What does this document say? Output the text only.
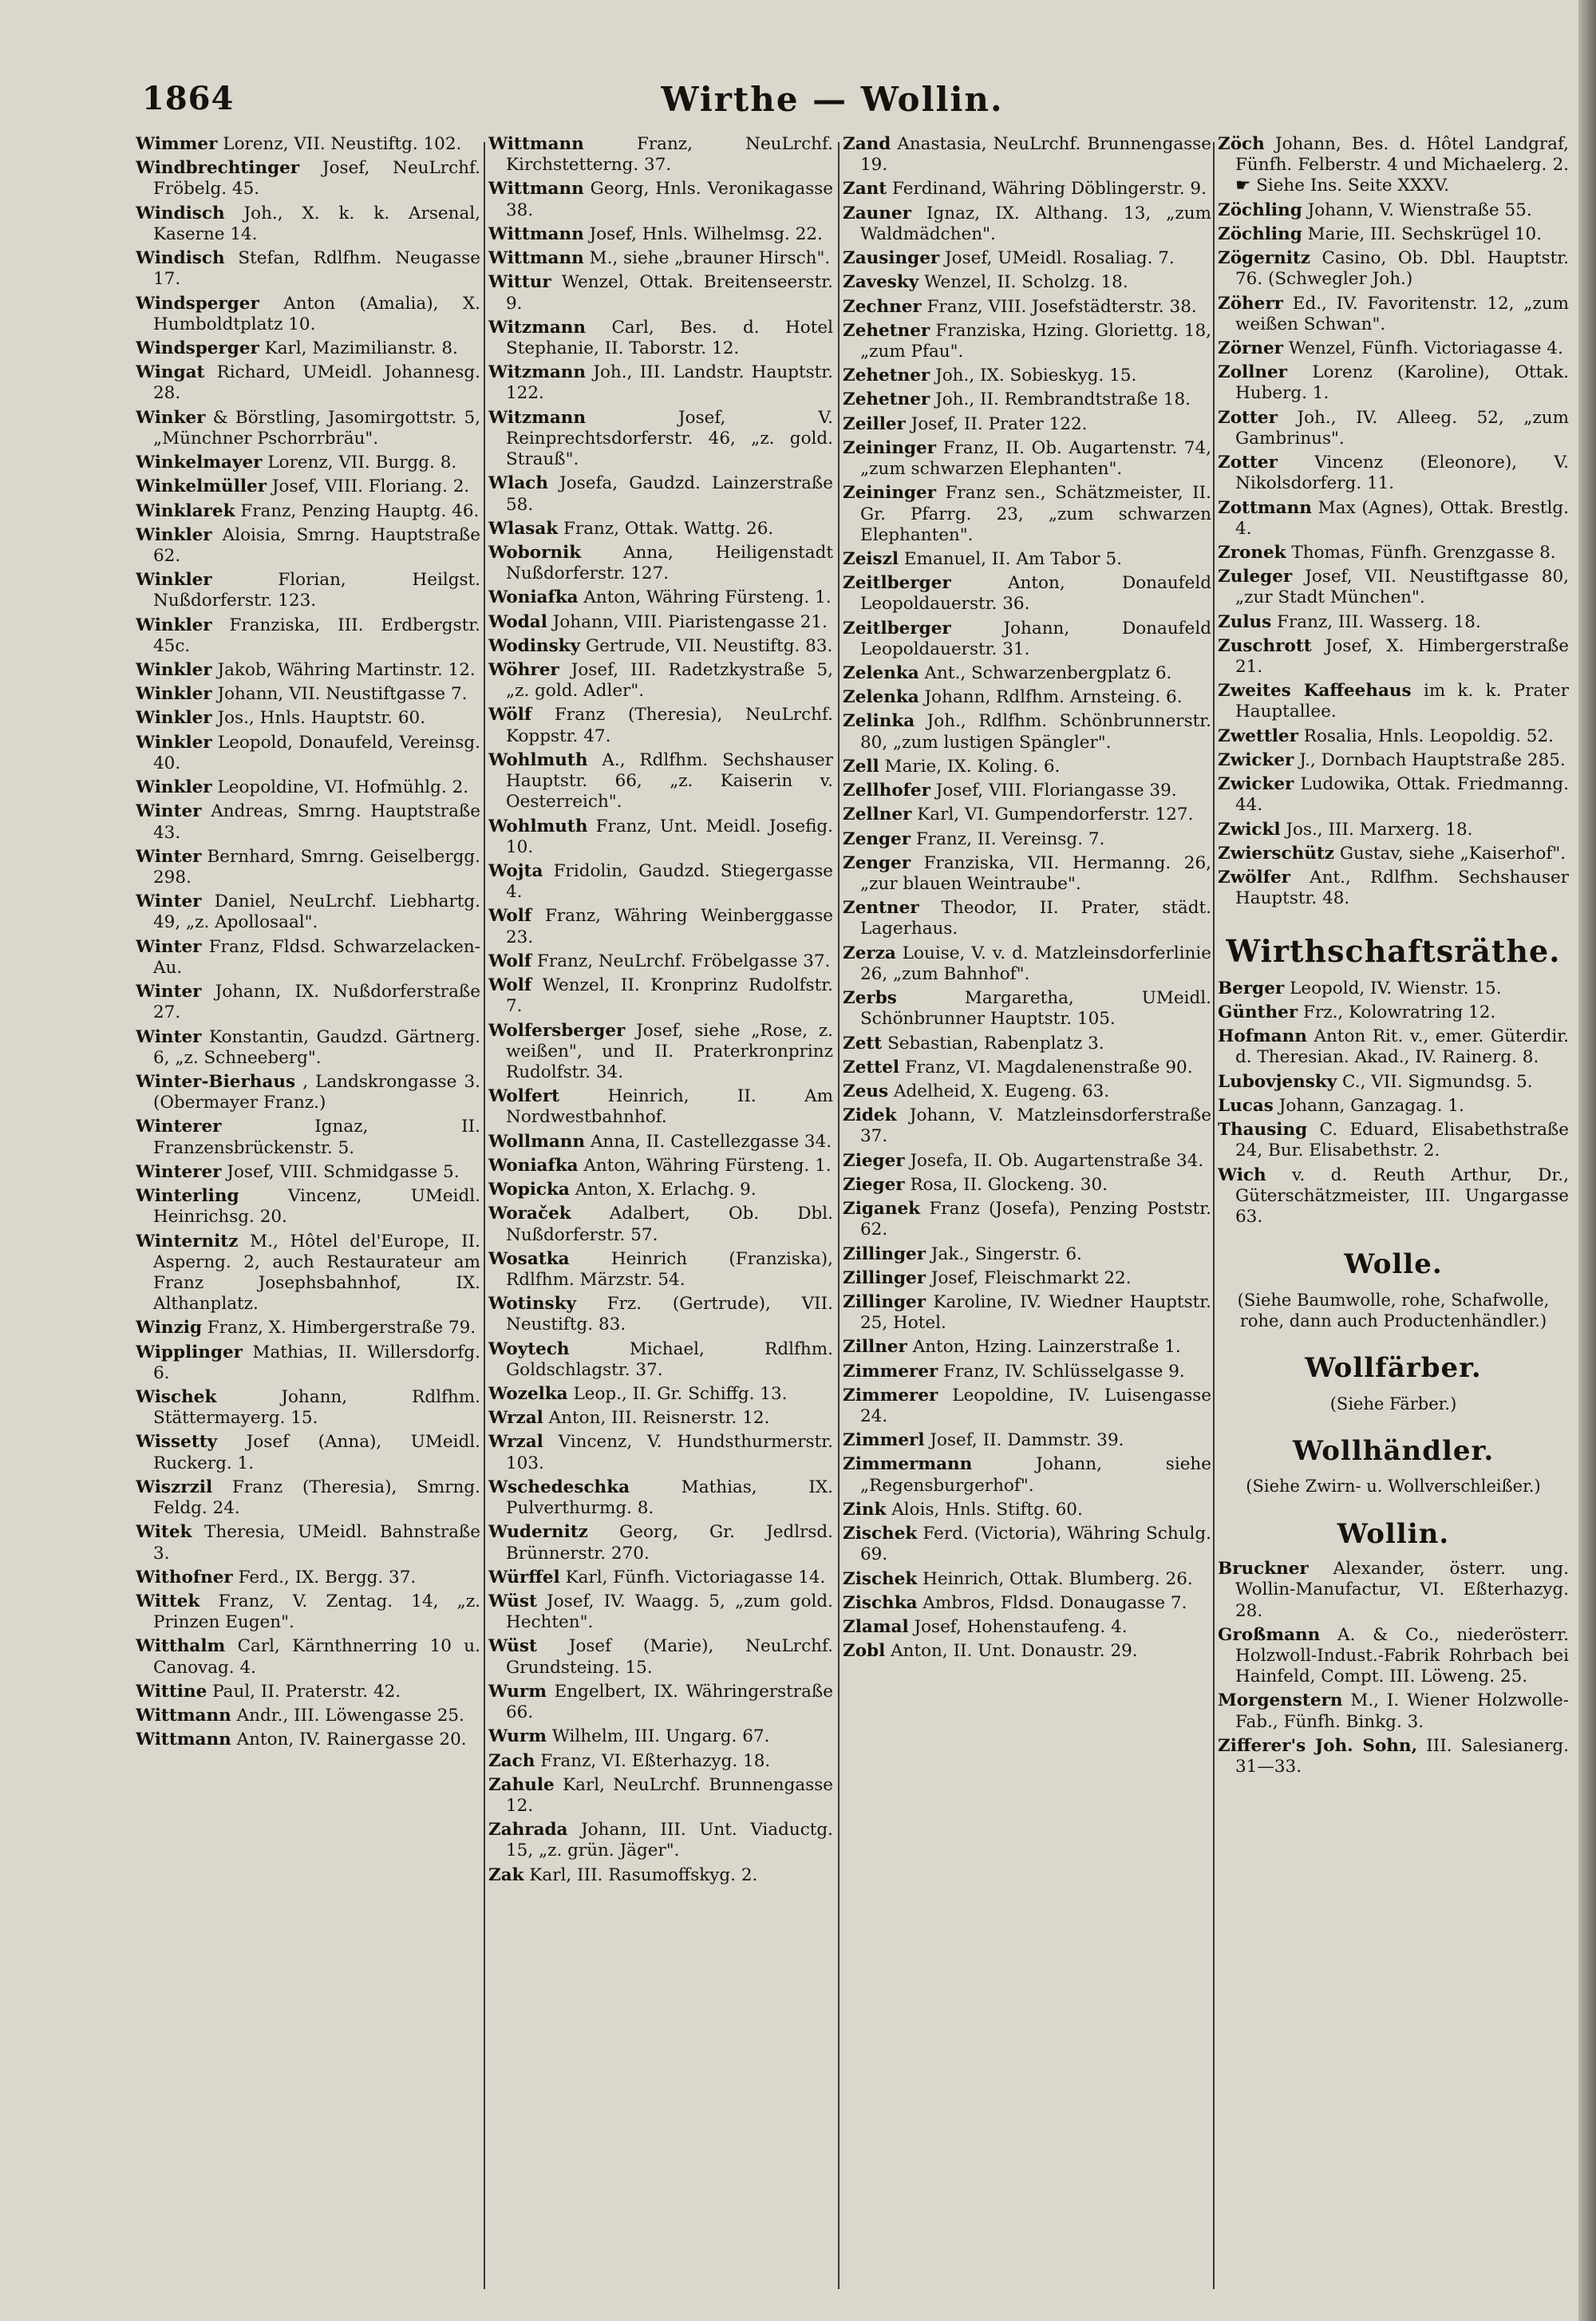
1864	Wirthe — Wollin.

Wimmer Lorenz, VII. Neustiftg. 102.

Windbrechtinger Josef, NeuLrchf. Fröbelg. 45.

Windisch Joh., X. k. k. Arsenal, Kaserne 14.

Windisch Stefan, Rdlfhm. Neugasse 17.

Windsperger Anton (Amalia), X. Humboldtplatz 10.

Windsperger Karl, Mazimilianstr. 8.

Wingat Richard, UMeidl. Johannesg. 28.

Winker & Börstling, Jasomirgottstr. 5, „Münchner Pschorrbräu".

Winkelmayer Lorenz, VII. Burgg. 8.

Winkelmüller Josef, VIII. Floriang. 2.

Winklarek Franz, Penzing Hauptg. 46.

Winkler Aloisia, Smrng. Hauptstraße 62.

Winkler	Florian, Heilgst. Nußdorferstr. 123.

Winkler Franziska, III. Erdbergstr. 45c.

Winkler Jakob, Währing Martinstr. 12.

Winkler Johann, VII. Neustiftgasse 7.

Winkler Jos., Hnls. Hauptstr. 60.

Winkler Leopold, Donaufeld, Vereinsg. 40.

Winkler Leopoldine, VI. Hofmühlg. 2.

Winter Andreas, Smrng. Hauptstraße 43.

Winter Bernhard, Smrng. Geiselbergg. 298.

Winter Daniel, NeuLrchf. Liebhartg. 49, „z. Apollosaal".

Winter Franz, Fldsd. Schwarzelacken-Au.

Winter Johann, IX. Nußdorferstraße 27.

Winter Konstantin, Gaudzd. Gärtnerg. 6, „z. Schneeberg".

Winter-Bierhaus , Landskrongasse 3. (Obermayer Franz.)

Winterer	Ignaz, II. Franzensbrückenstr. 5.

Winterer Josef, VIII. Schmidgasse 5.

Winterling	Vincenz, UMeidl. Heinrichsg. 20.

Winternitz M., Hôtel del'Europe, II. Asperng. 2, auch Restaurateur am Franz Josephsbahnhof, IX. Althanplatz.

Winzig Franz, X. Himbergerstraße 79.

Wipplinger Mathias, II. Willersdorfg. 6.

Wischek	Johann, Rdlfhm. Stättermayerg. 15.

Wissetty Josef (Anna), UMeidl. Ruckerg. 1.

Wiszrzil Franz (Theresia), Smrng. Feldg. 24.

Witek Theresia, UMeidl. Bahnstraße 3.

Withofner Ferd., IX. Bergg. 37.

Wittek Franz, V. Zentag. 14, „z. Prinzen Eugen".

Witthalm Carl, Kärnthnerring 10 u. Canovag. 4.

Wittine Paul, II. Praterstr. 42.

Wittmann Andr., III. Löwengasse 25.

Wittmann Anton, IV. Rainergasse 20.

Wittmann	Franz, NeuLrchf. Kirchstetterng. 37.

Wittmann Georg, Hnls. Veronikagasse 38.

Wittmann Josef, Hnls. Wilhelmsg. 22.

Wittmann M., siehe „brauner Hirsch".

Wittur Wenzel, Ottak. Breitenseerstr. 9.

Witzmann Carl, Bes. d. Hotel Stephanie, II. Taborstr. 12.

Witzmann Joh., III. Landstr. Hauptstr. 122.

Witzmann	Josef, V. Reinprechtsdorferstr. 46, „z. gold. Strauß".

Wlach Josefa, Gaudzd. Lainzerstraße 58.

Wlasak Franz, Ottak. Wattg. 26.

Wobornik Anna, Heiligenstadt Nußdorferstr. 127.

Woniafka Anton, Währing Fürsteng. 1.

Wodal Johann, VIII. Piaristengasse 21.

Wodinsky Gertrude, VII. Neustiftg. 83.

Wöhrer Josef, III. Radetzkystraße 5, „z. gold. Adler".

Wölf Franz (Theresia), NeuLrchf. Koppstr. 47.

Wohlmuth A., Rdlfhm. Sechshauser Hauptstr. 66, „z. Kaiserin v. Oesterreich".

Wohlmuth Franz, Unt. Meidl. Josefig. 10.

Wojta Fridolin, Gaudzd. Stiegergasse 4.

Wolf Franz, Währing Weinberggasse 23.

Wolf Franz, NeuLrchf. Fröbelgasse 37.

Wolf Wenzel, II. Kronprinz Rudolfstr. 7.

Wolfersberger Josef, siehe „Rose, z. weißen", und II. Praterkronprinz Rudolfstr. 34.

Wolfert	Heinrich, II. Am Nordwestbahnhof.

Wollmann Anna, II. Castellezgasse 34.

Woniafka Anton, Währing Fürsteng. 1.

Wopicka Anton, X. Erlachg. 9.

Woraček Adalbert, Ob. Dbl. Nußdorferstr. 57.

Wosatka Heinrich (Franziska), Rdlfhm. Märzstr. 54.

Wotinsky Frz. (Gertrude), VII. Neustiftg. 83.

Woytech	Michael, Rdlfhm. Goldschlagstr. 37.

Wozelka Leop., II. Gr. Schiffg. 13.

Wrzal Anton, III. Reisnerstr. 12.

Wrzal Vincenz, V. Hundsthurmerstr. 103.

Wschedeschka	Mathias, IX. Pulverthurmg. 8.

Wudernitz Georg, Gr. Jedlrsd. Brünnerstr. 270.

Würffel Karl, Fünfh. Victoriagasse 14.

Wüst Josef, IV. Waagg. 5, „zum gold. Hechten".

Wüst Josef (Marie), NeuLrchf. Grundsteing. 15.

Wurm Engelbert, IX. Währingerstraße 66.

Wurm Wilhelm, III. Ungarg. 67.

Zach Franz, VI. Eßterhazyg. 18.

Zahule Karl, NeuLrchf. Brunnengasse 12.

Zahrada Johann, III. Unt. Viaductg. 15, „z. grün. Jäger".

Zak Karl, III. Rasumoffskyg. 2.

Zand Anastasia, NeuLrchf. Brunnengasse 19.

Zant Ferdinand, Währing Döblingerstr. 9.

Zauner Ignaz, IX. Althang. 13, „zum Waldmädchen".

Zausinger Josef, UMeidl. Rosaliag. 7.

Zavesky Wenzel, II. Scholzg. 18.

Zechner Franz, VIII. Josefstädterstr. 38.

Zehetner Franziska, Hzing. Gloriettg. 18, „zum Pfau".

Zehetner Joh., IX. Sobieskyg. 15.

Zehetner Joh., II. Rembrandtstraße 18.

Zeiller Josef, II. Prater 122.

Zeininger Franz, II. Ob. Augartenstr. 74, „zum schwarzen Elephanten".

Zeininger Franz sen., Schätzmeister, II. Gr. Pfarrg. 23, „zum schwarzen Elephanten".

Zeiszl Emanuel, II. Am Tabor 5.

Zeitlberger	Anton, Donaufeld Leopoldauerstr. 36.

Zeitlberger	Johann, Donaufeld Leopoldauerstr. 31.

Zelenka Ant., Schwarzenbergplatz 6.

Zelenka Johann, Rdlfhm. Arnsteing. 6.

Zelinka Joh., Rdlfhm. Schönbrunnerstr. 80, „zum lustigen Spängler".

Zell Marie, IX. Koling. 6.

Zellhofer Josef, VIII. Floriangasse 39.

Zellner Karl, VI. Gumpendorferstr. 127.

Zenger Franz, II. Vereinsg. 7.

Zenger Franziska, VII. Hermanng. 26, „zur blauen Weintraube".

Zentner Theodor, II. Prater, städt. Lagerhaus.

Zerza Louise, V. v. d. Matzleinsdorferlinie 26, „zum Bahnhof".

Zerbs	Margaretha, UMeidl. Schönbrunner Hauptstr. 105.

Zett Sebastian, Rabenplatz 3.

Zettel Franz, VI. Magdalenenstraße 90.

Zeus Adelheid, X. Eugeng. 63.

Zidek Johann, V. Matzleinsdorferstraße 37.

Zieger Josefa, II. Ob. Augartenstraße 34.

Zieger Rosa, II. Glockeng. 30.

Ziganek Franz (Josefa), Penzing Poststr. 62.

Zillinger Jak., Singerstr. 6.

Zillinger Josef, Fleischmarkt 22.

Zillinger Karoline, IV. Wiedner Hauptstr. 25, Hotel.

Zillner Anton, Hzing. Lainzerstraße 1.

Zimmerer Franz, IV. Schlüsselgasse 9.

Zimmerer Leopoldine, IV. Luisengasse 24.

Zimmerl Josef, II. Dammstr. 39.

Zimmermann	Johann, siehe „Regensburgerhof".

Zink Alois, Hnls. Stiftg. 60.

Zischek Ferd. (Victoria), Währing Schulg. 69.

Zischek Heinrich, Ottak. Blumberg. 26.

Zischka Ambros, Fldsd. Donaugasse 7.

Zlamal Josef, Hohenstaufeng. 4.

Zobl Anton, II. Unt. Donaustr. 29.

Zöch Johann, Bes. d. Hôtel Landgraf, Fünfh. Felberstr. 4 und Michaelerg. 2. ☛ Siehe Ins. Seite XXXV.

Zöchling Johann, V. Wienstraße 55.

Zöchling Marie, III. Sechskrügel 10.

Zögernitz Casino, Ob. Dbl. Hauptstr. 76. (Schwegler Joh.)

Zöherr Ed., IV. Favoritenstr. 12, „zum weißen Schwan".

Zörner Wenzel, Fünfh. Victoriagasse 4.

Zollner Lorenz (Karoline), Ottak. Huberg. 1.

Zotter Joh., IV. Alleeg. 52, „zum Gambrinus".

Zotter Vincenz (Eleonore), V. Nikolsdorferg. 11.

Zottmann Max (Agnes), Ottak. Brestlg. 4.

Zronek Thomas, Fünfh. Grenzgasse 8.

Zuleger Josef, VII. Neustiftgasse 80, „zur Stadt München".

Zulus Franz, III. Wasserg. 18.

Zuschrott Josef, X. Himbergerstraße 21.

Zweites Kaffeehaus im k. k. Prater Hauptallee.

Zwettler Rosalia, Hnls. Leopoldig. 52.

Zwicker J., Dornbach Hauptstraße 285.

Zwicker Ludowika, Ottak. Friedmanng. 44.

Zwickl Jos., III. Marxerg. 18.

Zwierschütz Gustav, siehe „Kaiserhof".

Zwölfer Ant., Rdlfhm. Sechshauser Hauptstr. 48.

Wirthschaftsräthe.

Berger Leopold, IV. Wienstr. 15.

Günther Frz., Kolowratring 12.

Hofmann Anton Rit. v., emer. Güterdir. d. Theresian. Akad., IV. Rainerg. 8.

Lubovjensky C., VII. Sigmundsg. 5.

Lucas Johann, Ganzagag. 1.

Thausing C. Eduard, Elisabethstraße 24, Bur. Elisabethstr. 2.

Wich v. d. Reuth Arthur, Dr., Güterschätzmeister, III. Ungargasse 63.

Wolle.
(Siehe Baumwolle, rohe, Schafwolle, rohe, dann auch Productenhändler.)
Wollfärber.
(Siehe Färber.)
Wollhändler.
(Siehe Zwirn- u. Wollverschleißer.)
Wollin.

Bruckner Alexander, österr. ung. Wollin-Manufactur, VI. Eßterhazyg. 28.

Großmann A. & Co., niederösterr. Holzwoll-Indust.-Fabrik Rohrbach bei Hainfeld, Compt. III. Löweng. 25.

Morgenstern M., I. Wiener Holzwolle-Fab., Fünfh. Binkg. 3.

Zifferer's Joh. Sohn, III. Salesianerg. 31—33.
